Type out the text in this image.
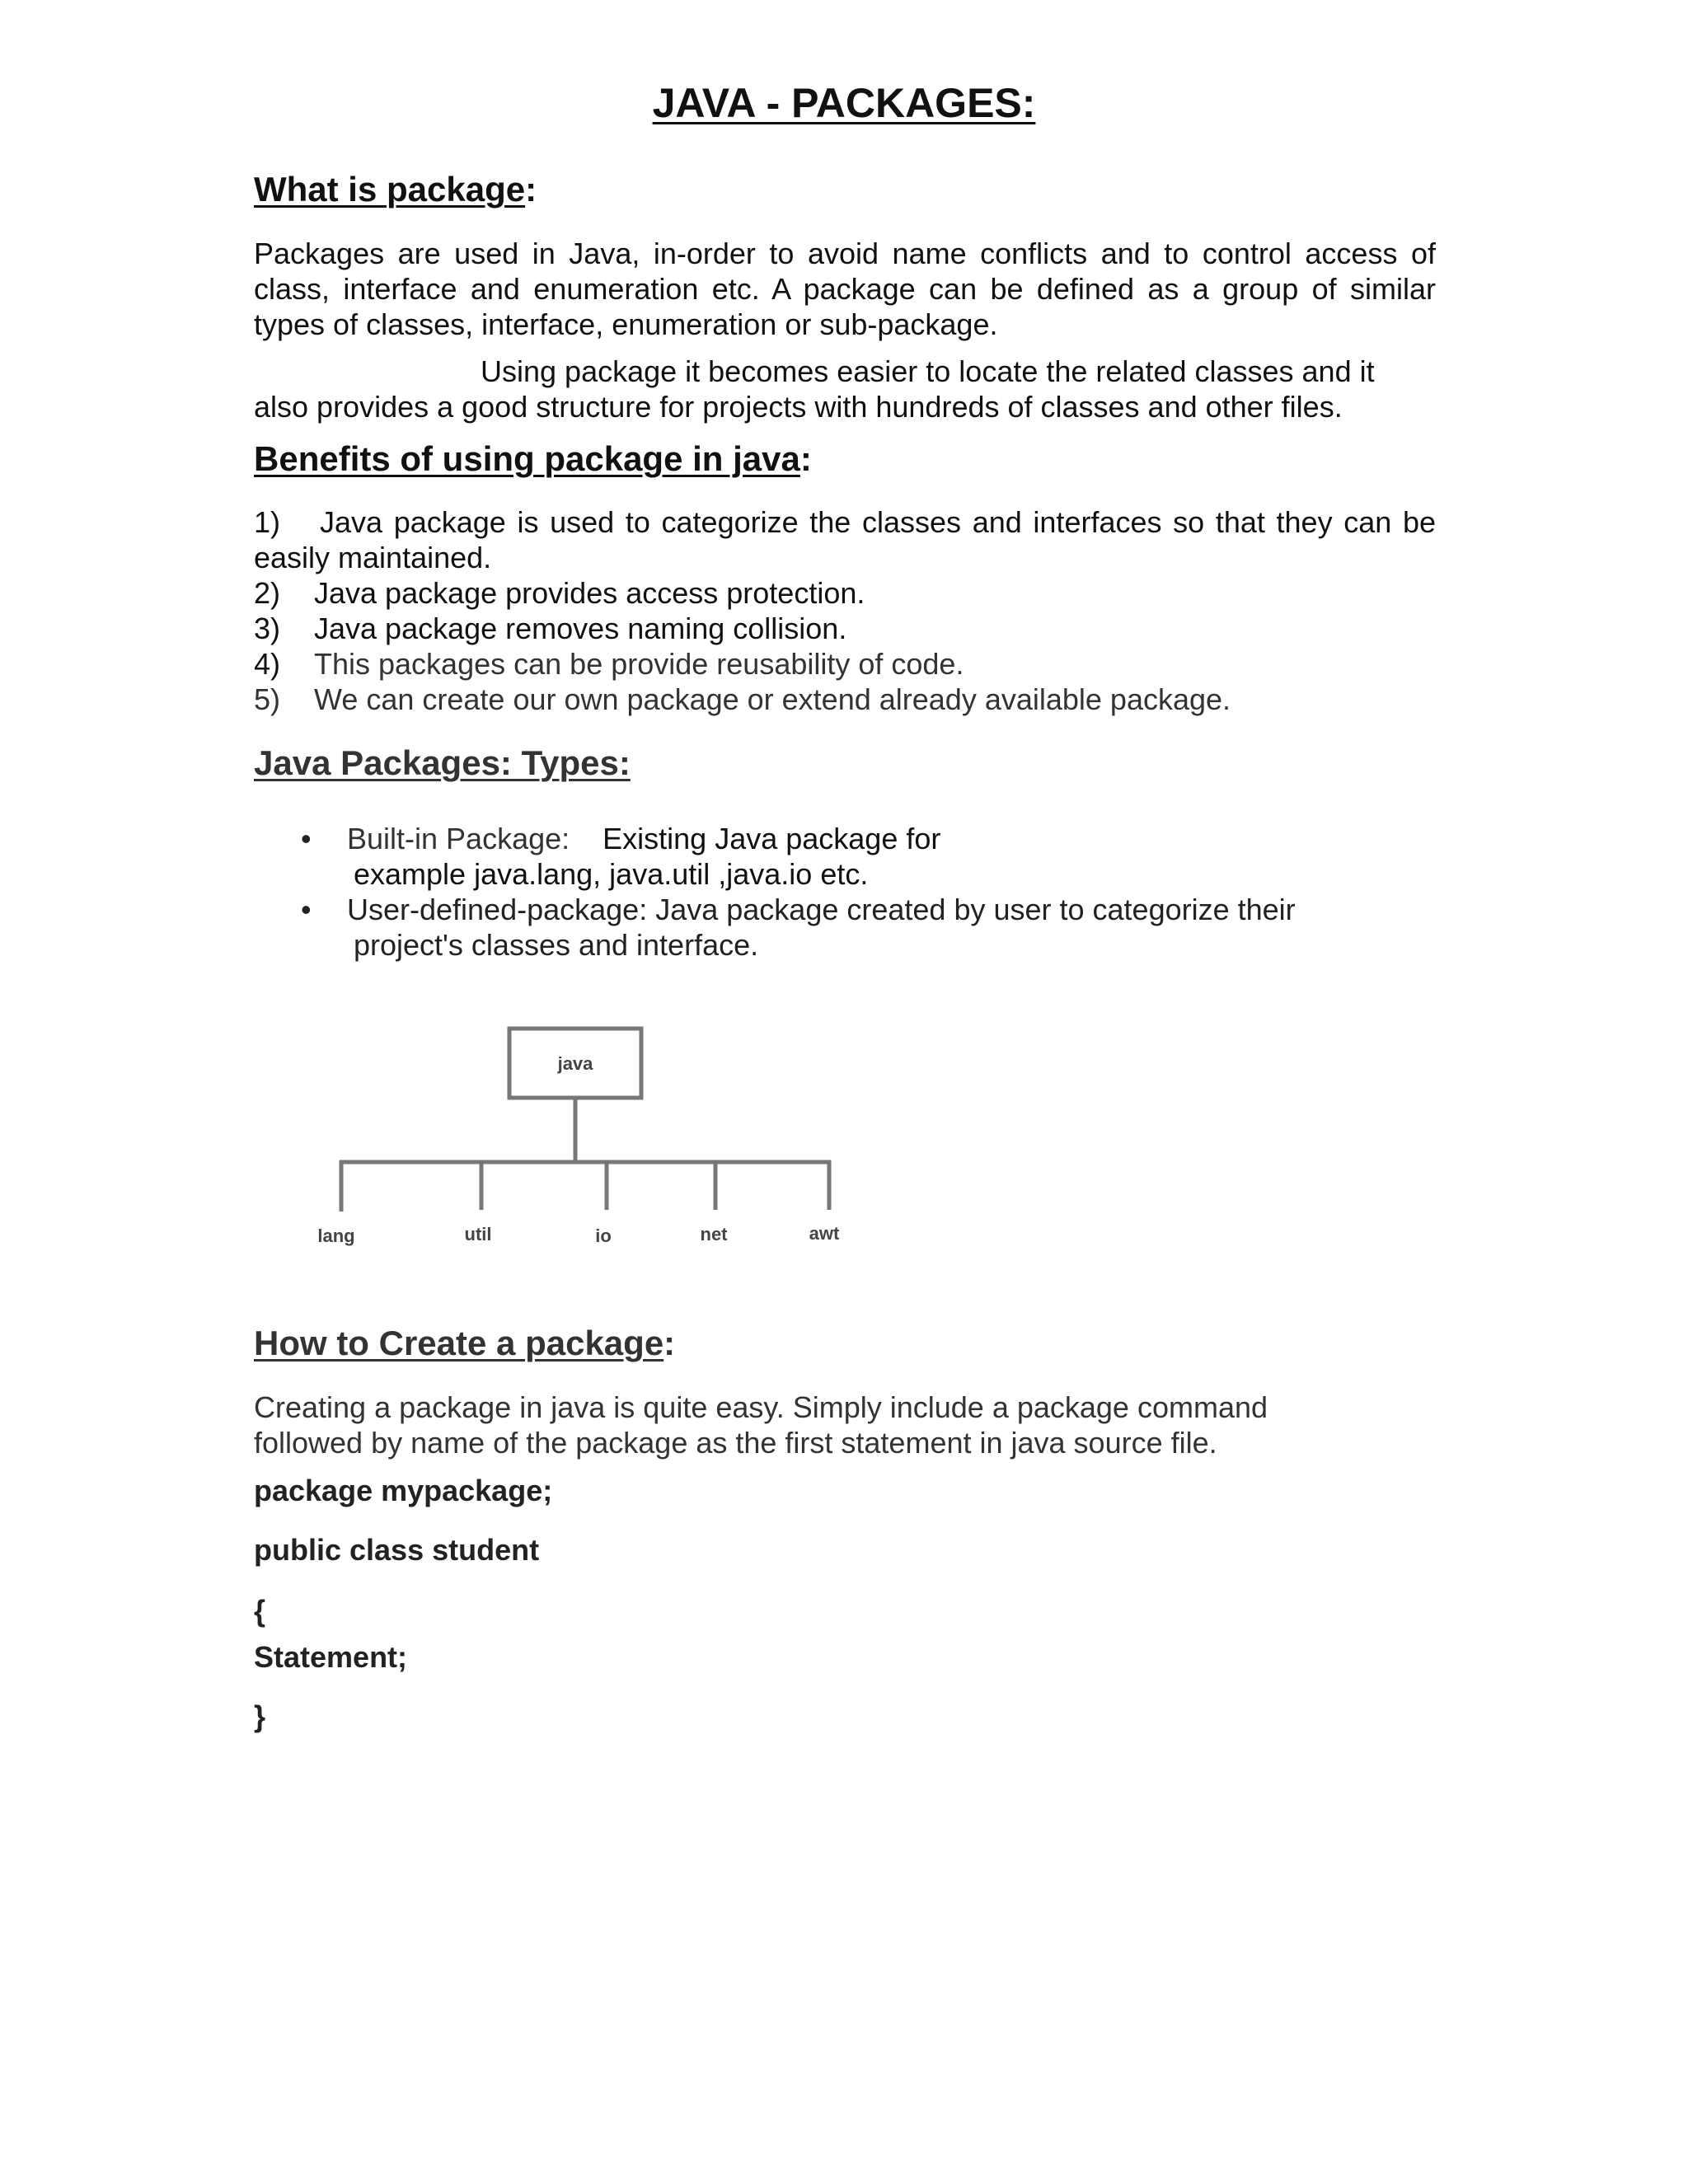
JAVA - PACKAGES:
What is package:

Packages are used in Java, in-order to avoid name conflicts and to control access of class, interface and enumeration etc. A package can be defined as a group of similar types of classes, interface, enumeration or sub-package.

Using package it becomes easier to locate the related classes and it
also provides a good structure for projects with hundreds of classes and other files.

Benefits of using package in java:
1) Java package is used to categorize the classes and interfaces so that they can be easily maintained.
2) Java package provides access protection.
3) Java package removes naming collision.
4) This packages can be provide reusability of code.
5) We can create our own package or extend already available package.
Java Packages: Types:
• Built-in Package: Existing Java package for
example java.lang, java.util ,java.io etc.
• User-defined-package: Java package created by user to categorize their
project's classes and interface.
java
lang	util	io	net	awt
How to Create a package:

Creating a package in java is quite easy. Simply include a package command followed by name of the package as the first statement in java source file.

package mypackage;

public class student

{

Statement;

}
